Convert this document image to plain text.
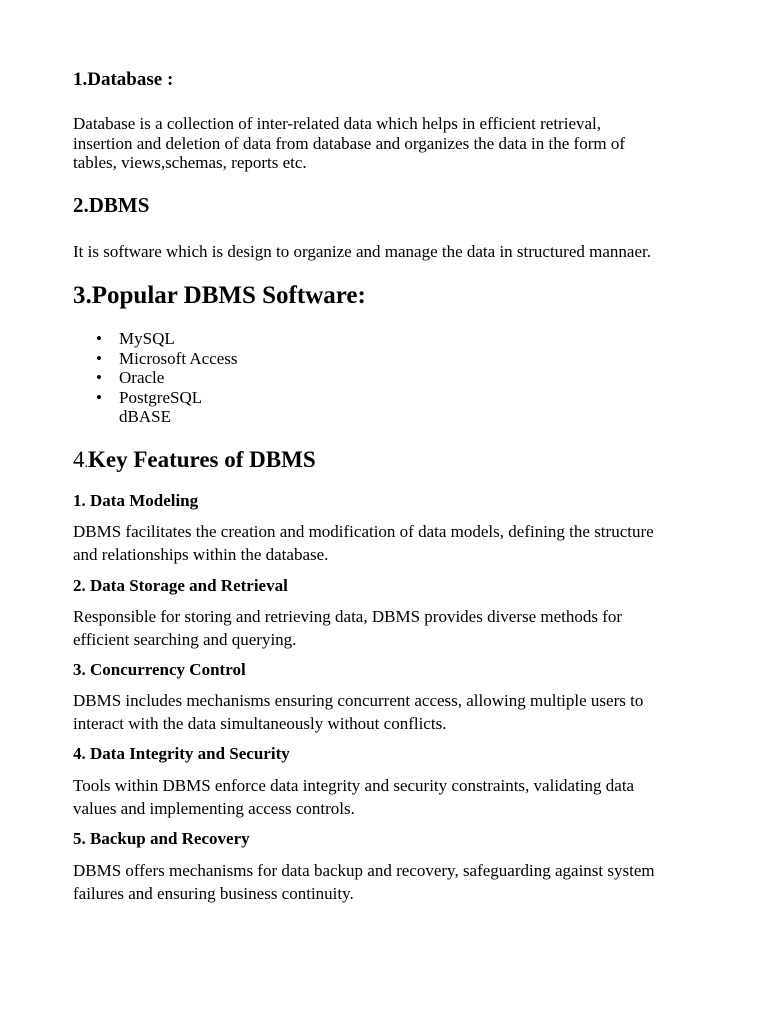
1.Database :

Database is a collection of inter-related data which helps in efficient retrieval,
insertion and deletion of data from database and organizes the data in the form of
tables, views,schemas, reports etc.

2.DBMS

It is software which is design to organize and manage the data in structured mannaer.

3.Popular DBMS Software:
• MySQL
• Microsoft Access
• Oracle
• PostgreSQL
dBASE
4.Key Features of DBMS
1. Data Modeling

DBMS facilitates the creation and modification of data models, defining the structure
and relationships within the database.

2. Data Storage and Retrieval

Responsible for storing and retrieving data, DBMS provides diverse methods for
efficient searching and querying.

3. Concurrency Control

DBMS includes mechanisms ensuring concurrent access, allowing multiple users to
interact with the data simultaneously without conflicts.

4. Data Integrity and Security

Tools within DBMS enforce data integrity and security constraints, validating data
values and implementing access controls.

5. Backup and Recovery

DBMS offers mechanisms for data backup and recovery, safeguarding against system
failures and ensuring business continuity.
